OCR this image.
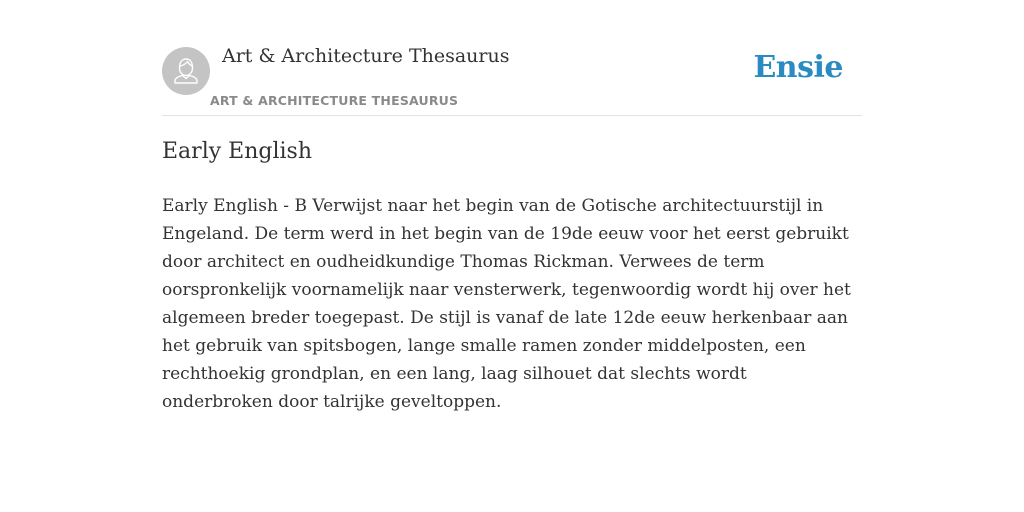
Art & Architecture Thesaurus
ART & ARCHITECTURE THESAURUS
Ensie
Early English

Early English - B Verwijst naar het begin van de Gotische architectuurstijl in Engeland. De term werd in het begin van de 19de eeuw voor het eerst gebruikt door architect en oudheidkundige Thomas Rickman. Verwees de term oorspronkelijk voornamelijk naar vensterwerk, tegenwoordig wordt hij over het algemeen breder toegepast. De stijl is vanaf de late 12de eeuw herkenbaar aan het gebruik van spitsbogen, lange smalle ramen zonder middelposten, een rechthoekig grondplan, en een lang, laag silhouet dat slechts wordt onderbroken door talrijke geveltoppen.
